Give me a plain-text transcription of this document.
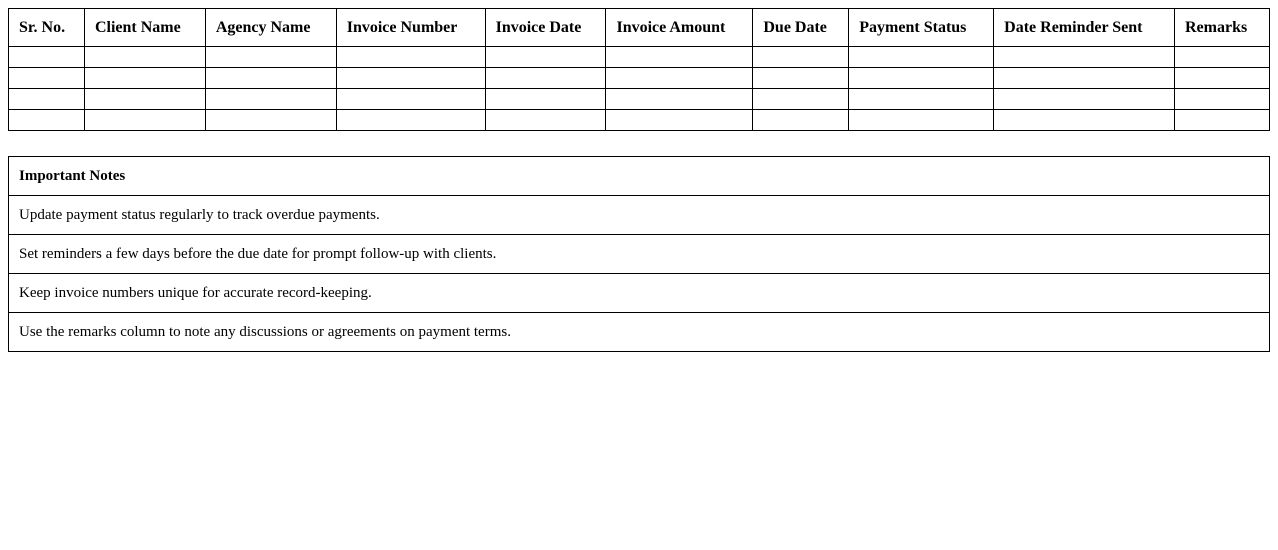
Sr. No.	Client Name	Agency Name	Invoice Number	Invoice Date	Invoice Amount	Due Date	Payment Status	Date Reminder Sent	Remarks

Important Notes
Update payment status regularly to track overdue payments.
Set reminders a few days before the due date for prompt follow-up with clients.
Keep invoice numbers unique for accurate record-keeping.
Use the remarks column to note any discussions or agreements on payment terms.
